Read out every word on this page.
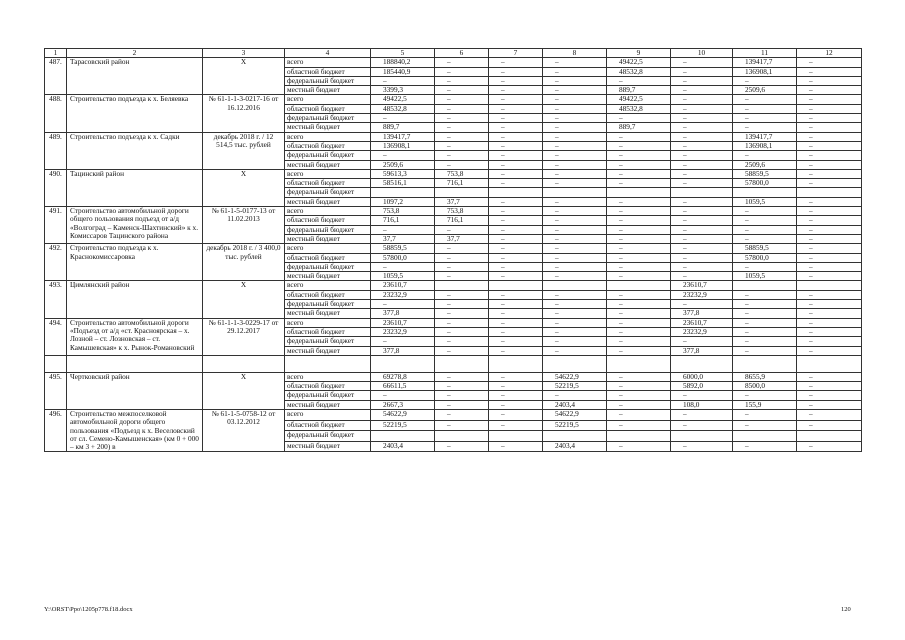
1	2	3	4	5	6	7	8	9	10	11	12
487.	Тарасовский район	Х	всего	188840,2	–	–	–	49422,5	–	139417,7	–
			областной бюджет	185440,9	–	–	–	48532,8	–	136908,1	–
			федеральный бюджет	–	–	–	–	–	–	–	–
			местный бюджет	3399,3	–	–	–	889,7	–	2509,6	–
488.	Строительство подъезда к х. Беляевка	№ 61-1-1-3-0217-16 от 16.12.2016	всего	49422,5	–	–	–	49422,5	–	–	–
			областной бюджет	48532,8	–	–	–	48532,8	–	–	–
			федеральный бюджет	–	–	–	–	–	–	–	–
			местный бюджет	889,7	–	–	–	889,7	–	–	–
489.	Строительство подъезда к х. Садки	декабрь 2018 г. / 12 514,5 тыс. рублей	всего	139417,7	–	–	–	–	–	139417,7	–
			областной бюджет	136908,1	–	–	–	–	–	136908,1	–
			федеральный бюджет	–	–	–	–	–	–	–	–
			местный бюджет	2509,6	–	–	–	–	–	2509,6	–
490.	Тацинский район	Х	всего	59613,3	753,8	–	–	–	–	58859,5	–
			областной бюджет	58516,1	716,1	–	–	–	–	57800,0	–
			федеральный бюджет								
			местный бюджет	1097,2	37,7	–	–	–	–	1059,5	–
491.	Строительство автомобильной дороги общего пользования подъезд от а/д «Волгоград – Каменск-Шахтинский» к х. Комиссаров Тацинского района	№ 61-1-5-0177-13 от 11.02.2013	всего	753,8	753,8	–	–	–	–	–	–
			областной бюджет	716,1	716,1	–	–	–	–	–	–
			федеральный бюджет	–	–	–	–	–	–	–	–
			местный бюджет	37,7	37,7	–	–	–	–	–	–
492.	Строительство подъезда к х. Краснокомиссаровка	декабрь 2018 г. / 3 400,0 тыс. рублей	всего	58859,5	–	–	–	–	–	58859,5	–
			областной бюджет	57800,0	–	–	–	–	–	57800,0	–
			федеральный бюджет	–	–	–	–	–	–	–	–
			местный бюджет	1059,5	–	–	–	–	–	1059,5	–
493.	Цимлянский район	Х	всего	23610,7					23610,7		
			областной бюджет	23232,9	–	–	–	–	23232,9	–	–
			федеральный бюджет	–	–	–	–	–	–	–	–
			местный бюджет	377,8	–	–	–	–	377,8	–	–
494.	Строительство автомобильной дороги «Подъезд от а/д «ст. Красноярская – х. Лозной – ст. Лозновская – ст. Камышевская» к х. Рынок-Романовский	№ 61-1-1-3-0229-17 от 29.12.2017	всего	23610,7	–	–	–	–	23610,7	–	–
			областной бюджет	23232,9	–	–	–	–	23232,9	–	–
			федеральный бюджет	–	–	–	–	–	–	–	–
			местный бюджет	377,8	–	–	–	–	377,8	–	–

495.	Чертковский район	Х	всего	69278,8	–	–	54622,9	–	6000,0	8655,9	–
			областной бюджет	66611,5	–	–	52219,5	–	5892,0	8500,0	–
			федеральный бюджет	–	–	–	–	–	–	–	–
			местный бюджет	2667,3	–	–	2403,4	–	108,0	155,9	–
496.	Строительство межпоселковой автомобильной дороги общего пользования «Подъезд к х. Веселовский от сл. Семено-Камышенская» (км 0 + 000 – км 3 + 200) в	№ 61-1-5-0758-12 от 03.12.2012	всего	54622,9	–	–	54622,9	–	–	–	–
			областной бюджет	52219,5	–	–	52219,5	–	–	–	–
			федеральный бюджет								
			местный бюджет	2403,4	–	–	2403,4	–	–	–	–
Y:\ORST\Ppo\1205p778.f18.docx	120
